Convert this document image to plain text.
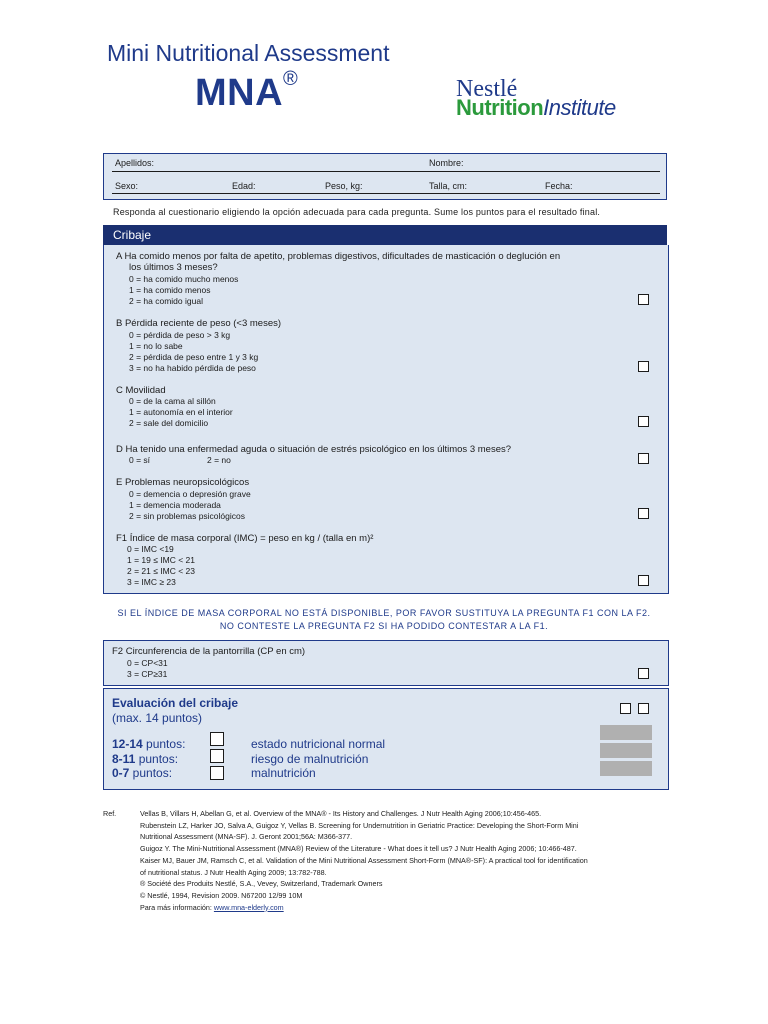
Mini Nutritional Assessment
MNA®	Nestlé
NutritionInstitute
Apellidos:	Nombre:
Sexo:	Edad:	Peso, kg:	Talla, cm:	Fecha:
Responda al cuestionario eligiendo la opción adecuada para cada pregunta. Sume los puntos para el resultado final.
Cribaje
A Ha comido menos por falta de apetito, problemas digestivos, dificultades de masticación o deglución en
los últimos 3 meses?
0 = ha comido mucho menos
1 = ha comido menos
2 = ha comido igual
B Pérdida reciente de peso (<3 meses)
0 = pérdida de peso > 3 kg
1 = no lo sabe
2 = pérdida de peso entre 1 y 3 kg
3 = no ha habido pérdida de peso
C Movilidad
0 = de la cama al sillón
1 = autonomía en el interior
2 = sale del domicilio
D Ha tenido una enfermedad aguda o situación de estrés psicológico en los últimos 3 meses?
0 = sí	2 = no
E Problemas neuropsicológicos
0 = demencia o depresión grave
1 = demencia moderada
2 = sin problemas psicológicos
F1 Índice de masa corporal (IMC) = peso en kg / (talla en m)²
0 = IMC <19
1 = 19 ≤ IMC < 21
2 = 21 ≤ IMC < 23
3 = IMC ≥ 23
SI EL ÍNDICE DE MASA CORPORAL NO ESTÁ DISPONIBLE, POR FAVOR SUSTITUYA LA PREGUNTA F1 CON LA F2.
NO CONTESTE LA PREGUNTA F2 SI HA PODIDO CONTESTAR A LA F1.
F2 Circunferencia de la pantorrilla (CP en cm)
0 = CP<31
3 = CP≥31
Evaluación del cribaje
(max. 14 puntos)
12-14 puntos:	estado nutricional normal
8-11 puntos:	riesgo de malnutrición
0-7 puntos:	malnutrición
Ref.	Vellas B, Villars H, Abellan G, et al. Overview of the MNA® - Its History and Challenges. J Nutr Health Aging 2006;10:456-465.
Rubenstein LZ, Harker JO, Salva A, Guigoz Y, Vellas B. Screening for Undernutrition in Geriatric Practice: Developing the Short-Form Mini
Nutritional Assessment (MNA-SF). J. Geront 2001;56A: M366-377.
Guigoz Y. The Mini-Nutritional Assessment (MNA®) Review of the Literature - What does it tell us? J Nutr Health Aging 2006; 10:466-487.
Kaiser MJ, Bauer JM, Ramsch C, et al. Validation of the Mini Nutritional Assessment Short-Form (MNA®-SF): A practical tool for identification
of nutritional status. J Nutr Health Aging 2009; 13:782-788.
® Société des Produits Nestlé, S.A., Vevey, Switzerland, Trademark Owners
© Nestlé, 1994, Revision 2009. N67200 12/99 10M
Para más información: www.mna-elderly.com
